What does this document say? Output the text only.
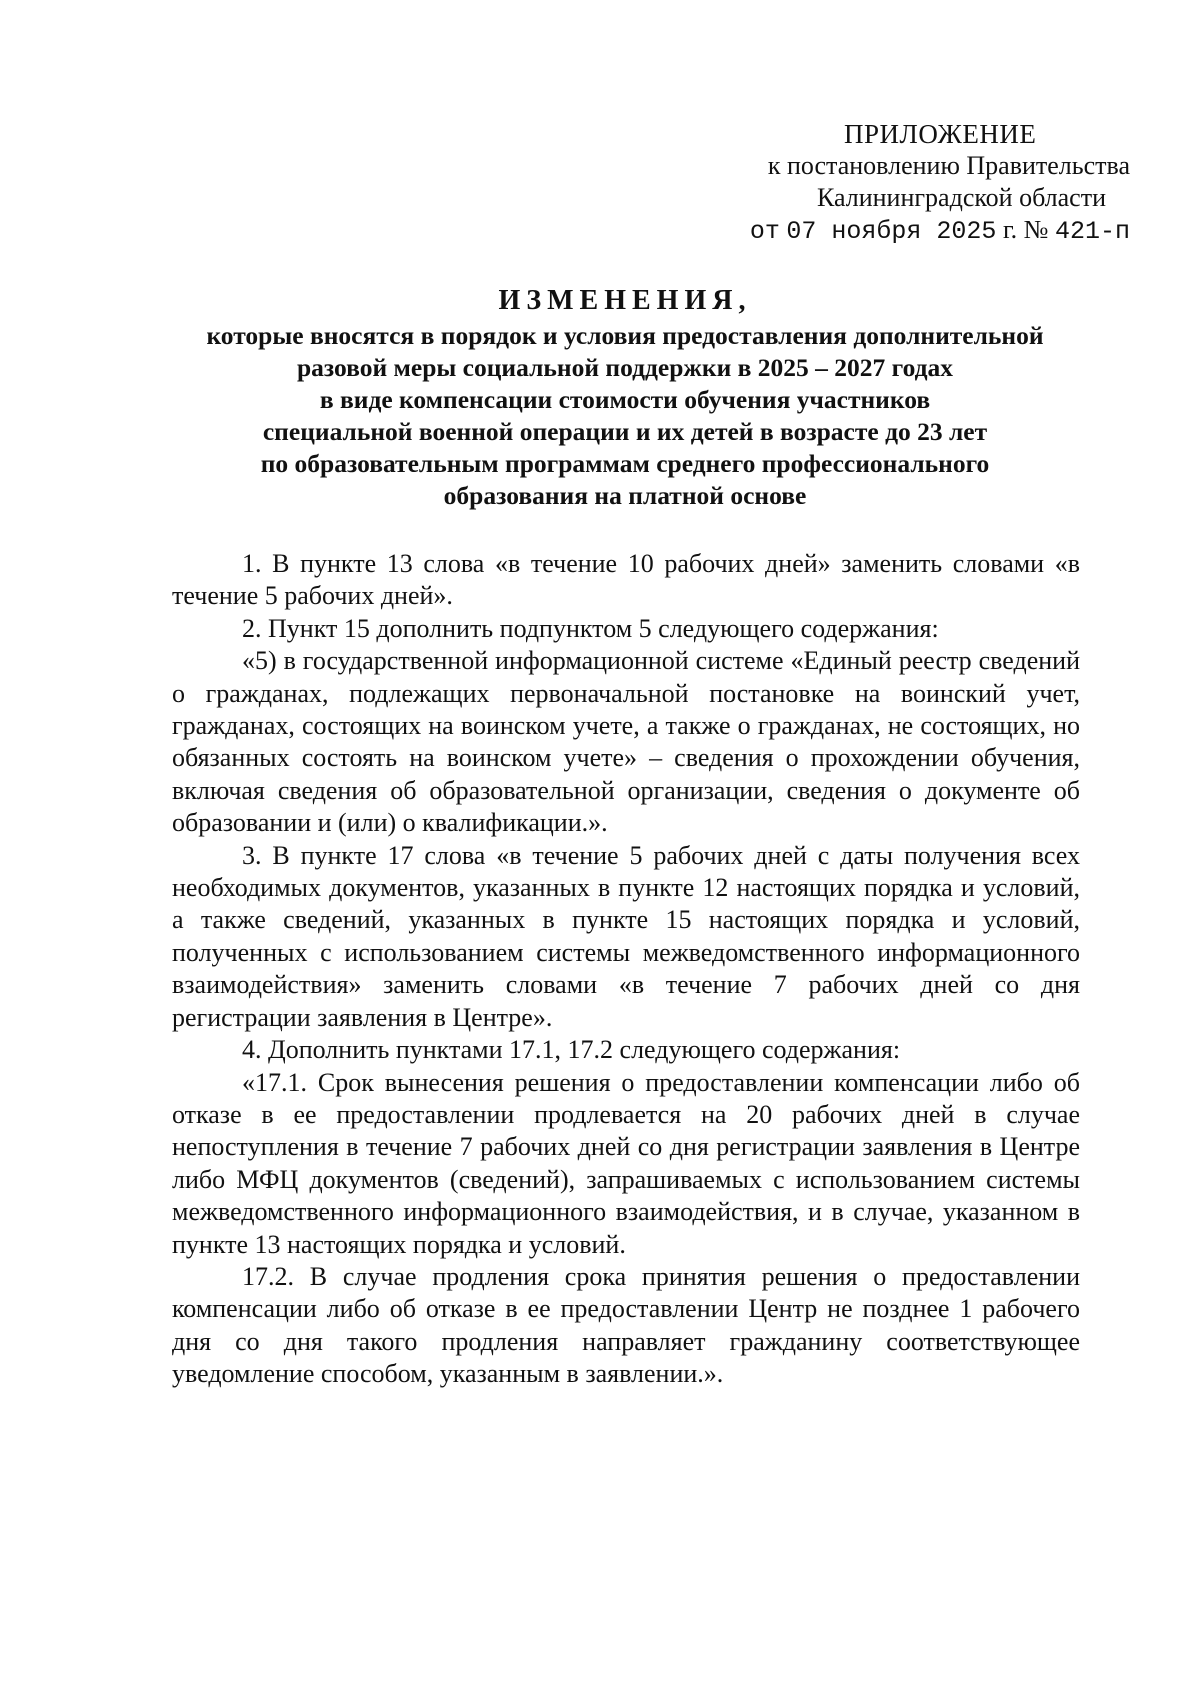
ПРИЛОЖЕНИЕ
к постановлению Правительства
Калининградской области
от 07 ноября 2025 г. № 421-п
ИЗМЕНЕНИЯ,
которые вносятся в порядок и условия предоставления дополнительной
разовой меры социальной поддержки в 2025 – 2027 годах
в виде компенсации стоимости обучения участников
специальной военной операции и их детей в возрасте до 23 лет
по образовательным программам среднего профессионального
образования на платной основе

1. В пункте 13 слова «в течение 10 рабочих дней» заменить словами «в течение 5 рабочих дней».

2. Пункт 15 дополнить подпунктом 5 следующего содержания:

«5) в государственной информационной системе «Единый реестр сведений о гражданах, подлежащих первоначальной постановке на воинский учет, гражданах, состоящих на воинском учете, а также о гражданах, не состоящих, но обязанных состоять на воинском учете» – сведения о прохождении обучения, включая сведения об образовательной организации, сведения о документе об образовании и (или) о квалификации.».

3. В пункте 17 слова «в течение 5 рабочих дней с даты получения всех необходимых документов, указанных в пункте 12 настоящих порядка и условий, а также сведений, указанных в пункте 15 настоящих порядка и условий, полученных с использованием системы межведомственного информационного взаимодействия» заменить словами «в течение 7 рабочих дней со дня регистрации заявления в Центре».

4. Дополнить пунктами 17.1, 17.2 следующего содержания:

«17.1. Срок вынесения решения о предоставлении компенсации либо об отказе в ее предоставлении продлевается на 20 рабочих дней в случае непоступления в течение 7 рабочих дней со дня регистрации заявления в Центре либо МФЦ документов (сведений), запрашиваемых с использованием системы межведомственного информационного взаимодействия, и в случае, указанном в пункте 13 настоящих порядка и условий.

17.2. В случае продления срока принятия решения о предоставлении компенсации либо об отказе в ее предоставлении Центр не позднее 1 рабочего дня со дня такого продления направляет гражданину соответствующее уведомление способом, указанным в заявлении.».
